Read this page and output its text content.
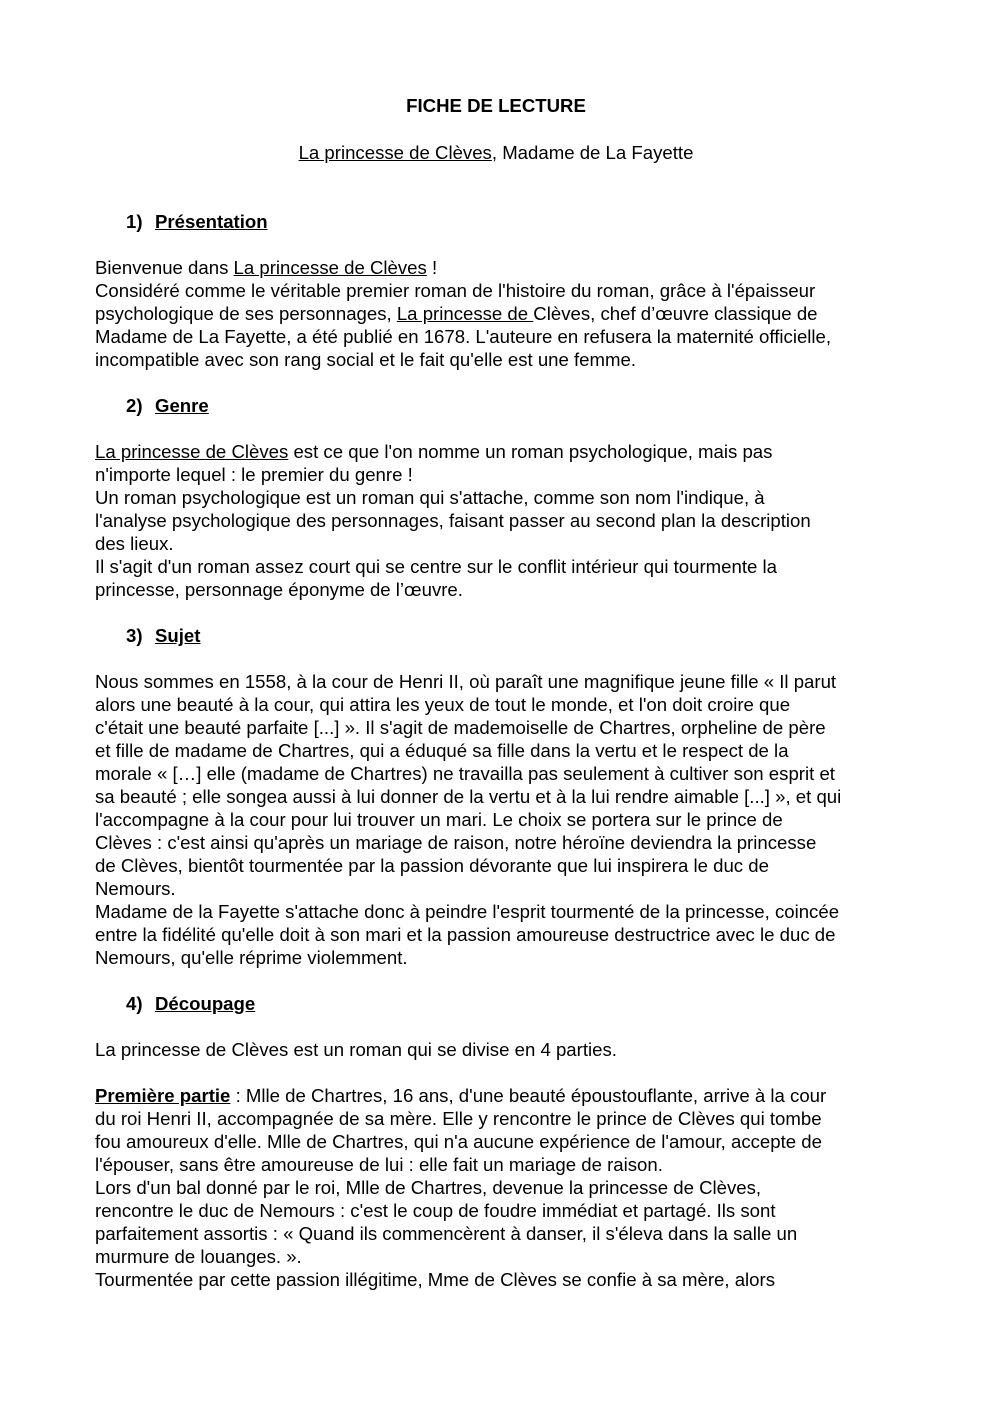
FICHE DE LECTURE

La princesse de Clèves, Madame de La Fayette

1) Présentation
Bienvenue dans La princesse de Clèves !
Considéré comme le véritable premier roman de l'histoire du roman, grâce à l'épaisseur
psychologique de ses personnages, La princesse de Clèves, chef d’œuvre classique de
Madame de La Fayette, a été publié en 1678. L'auteure en refusera la maternité officielle,
incompatible avec son rang social et le fait qu'elle est une femme.
2) Genre
La princesse de Clèves est ce que l'on nomme un roman psychologique, mais pas
n'importe lequel : le premier du genre !
Un roman psychologique est un roman qui s'attache, comme son nom l'indique, à
l'analyse psychologique des personnages, faisant passer au second plan la description
des lieux.
Il s'agit d'un roman assez court qui se centre sur le conflit intérieur qui tourmente la
princesse, personnage éponyme de l’œuvre.
3) Sujet
Nous sommes en 1558, à la cour de Henri II, où paraît une magnifique jeune fille « Il parut
alors une beauté à la cour, qui attira les yeux de tout le monde, et l'on doit croire que
c'était une beauté parfaite [...] ». Il s'agit de mademoiselle de Chartres, orpheline de père
et fille de madame de Chartres, qui a éduqué sa fille dans la vertu et le respect de la
morale « […] elle (madame de Chartres) ne travailla pas seulement à cultiver son esprit et
sa beauté ; elle songea aussi à lui donner de la vertu et à la lui rendre aimable [...] », et qui
l'accompagne à la cour pour lui trouver un mari. Le choix se portera sur le prince de
Clèves : c'est ainsi qu'après un mariage de raison, notre héroïne deviendra la princesse
de Clèves, bientôt tourmentée par la passion dévorante que lui inspirera le duc de
Nemours.
Madame de la Fayette s'attache donc à peindre l'esprit tourmenté de la princesse, coincée
entre la fidélité qu'elle doit à son mari et la passion amoureuse destructrice avec le duc de
Nemours, qu'elle réprime violemment.
4) Découpage
La princesse de Clèves est un roman qui se divise en 4 parties.
Première partie : Mlle de Chartres, 16 ans, d'une beauté époustouflante, arrive à la cour
du roi Henri II, accompagnée de sa mère. Elle y rencontre le prince de Clèves qui tombe
fou amoureux d'elle. Mlle de Chartres, qui n'a aucune expérience de l'amour, accepte de
l'épouser, sans être amoureuse de lui : elle fait un mariage de raison.
Lors d'un bal donné par le roi, Mlle de Chartres, devenue la princesse de Clèves,
rencontre le duc de Nemours : c'est le coup de foudre immédiat et partagé. Ils sont
parfaitement assortis : « Quand ils commencèrent à danser, il s'éleva dans la salle un
murmure de louanges. ».
Tourmentée par cette passion illégitime, Mme de Clèves se confie à sa mère, alors
